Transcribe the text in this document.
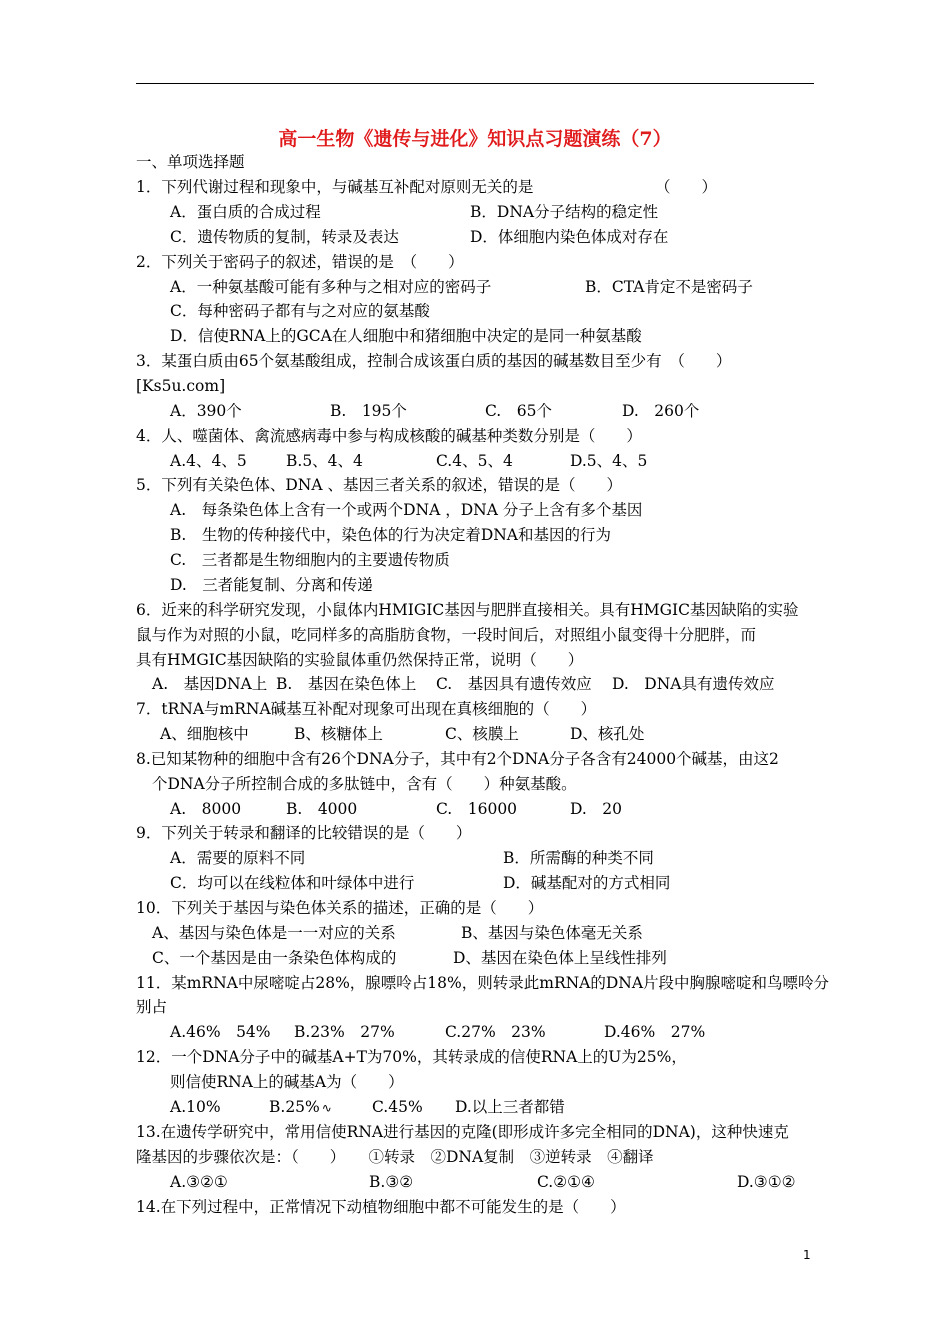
高一生物《遗传与进化》知识点习题演练（7）
一、单项选择题
1．下列代谢过程和现象中，与碱基互补配对原则无关的是	（　　）
A．蛋白质的合成过程	B．DNA分子结构的稳定性
C．遗传物质的复制，转录及表达	D．体细胞内染色体成对存在
2．下列关于密码子的叙述，错误的是　（　　）
A．一种氨基酸可能有多种与之相对应的密码子	B．CTA肯定不是密码子
C．每种密码子都有与之对应的氨基酸
D．信使RNA上的GCA在人细胞中和猪细胞中决定的是同一种氨基酸
3．某蛋白质由65个氨基酸组成，控制合成该蛋白质的基因的碱基数目至少有　（　　）
[Ks5u.com]
A．390个	B.　195个	C.　65个	D.　260个
4．人、噬菌体、禽流感病毒中参与构成核酸的碱基种类数分别是（　　）
A.4、4、5	B.5、4、4	C.4、5、4	D.5、4、5
5．下列有关染色体、DNA 、基因三者关系的叙述，错误的是（　　）
A.　每条染色体上含有一个或两个DNA ，DNA 分子上含有多个基因
B.　生物的传种接代中，染色体的行为决定着DNA和基因的行为
C.　三者都是生物细胞内的主要遗传物质
D.　三者能复制、分离和传递
6．近来的科学研究发现，小鼠体内HMIGIC基因与肥胖直接相关。具有HMGIC基因缺陷的实验
鼠与作为对照的小鼠，吃同样多的高脂肪食物，一段时间后，对照组小鼠变得十分肥胖，而
具有HMGIC基因缺陷的实验鼠体重仍然保持正常，说明（　　）
A.　基因DNA上 B.　基因在染色体上 C.　基因具有遗传效应 D.　DNA具有遗传效应
7．tRNA与mRNA碱基互补配对现象可出现在真核细胞的（　　）
A、细胞核中	B、核糖体上	C、核膜上	D、核孔处
8.已知某物种的细胞中含有26个DNA分子，其中有2个DNA分子各含有24000个碱基，由这2
个DNA分子所控制合成的多肽链中，含有（　　）种氨基酸。
A.　8000	B.　4000	C.　16000	D.　20
9．下列关于转录和翻译的比较错误的是（　　）
A．需要的原料不同	B．所需酶的种类不同
C．均可以在线粒体和叶绿体中进行	D．碱基配对的方式相同
10．下列关于基因与染色体关系的描述，正确的是（　　）
A、基因与染色体是一一对应的关系	B、基因与染色体毫无关系
C、一个基因是由一条染色体构成的	D、基因在染色体上呈线性排列
11．某mRNA中尿嘧啶占28%，腺嘌呤占18%，则转录此mRNA的DNA片段中胸腺嘧啶和鸟嘌呤分
别占
A.46%　54% B.23%　27%	C.27%　23%	D.46%　27%
12．一个DNA分子中的碱基A+T为70%，其转录成的信使RNA上的U为25%，
则信使RNA上的碱基A为（　　）
A.10%	B.25% ∿	C.45% D.以上三者都错
13.在遗传学研究中，常用信使RNA进行基因的克隆(即形成许多完全相同的DNA)，这种快速克
隆基因的步骤依次是：（　　）　　①转录　②DNA复制　③逆转录　④翻译
A.③②①	B.③②	C.②①④	D.③①②
14.在下列过程中，正常情况下动植物细胞中都不可能发生的是（　　）
1
